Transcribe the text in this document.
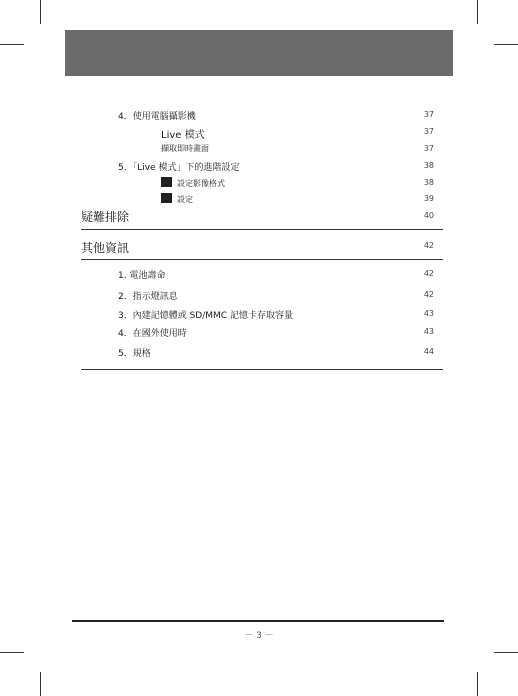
4．使用電腦攝影機	37
Live 模式	37
擷取即時畫面	37
5．「Live 模式」下的進階設定	38
設定影像格式	38
設定	39
疑難排除	40
其他資訊	42
1. 電池壽命	42
2．指示燈訊息	42
3．內建記憶體或 SD/MMC 記憶卡存取容量	43
4．在國外使用時	43
5．規格	44
－ 3 －
